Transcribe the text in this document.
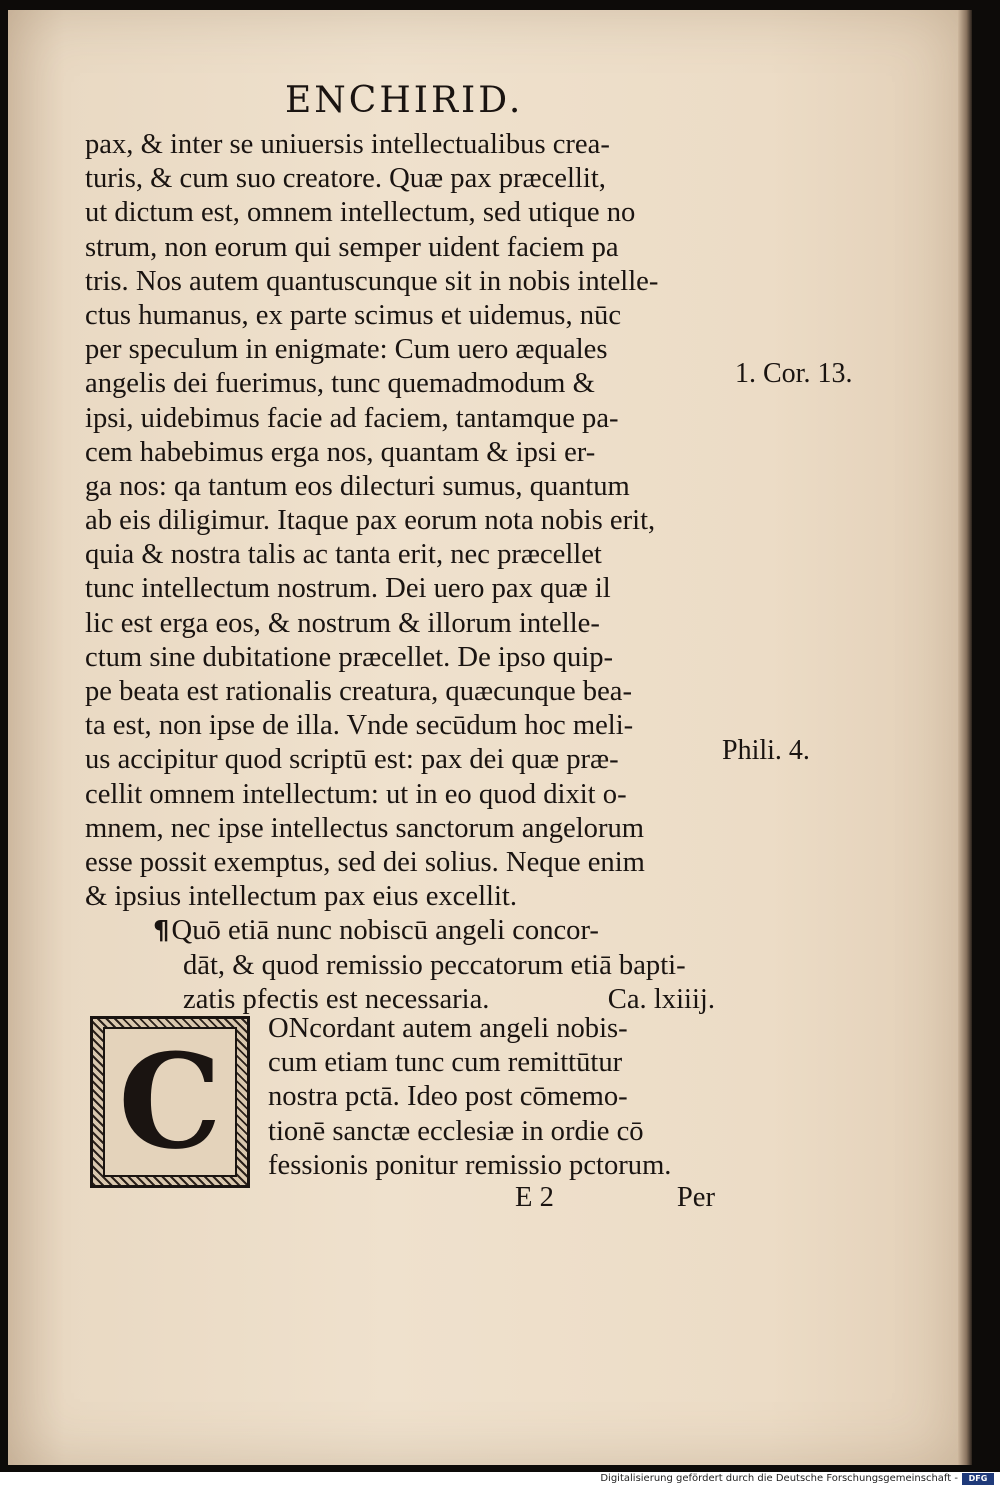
ENCHIRID.
pax, & inter se uniuersis intellectualibus crea-
turis, & cum suo creatore. Quæ pax præcellit,
ut dictum est, omnem intellectum, sed utique no
strum, non eorum qui semper uident faciem pa
tris. Nos autem quantuscunque sit in nobis intelle-
ctus humanus, ex parte scimus et uidemus, nūc
per speculum in enigmate: Cum uero æquales
angelis dei fuerimus, tunc quemadmodum &
ipsi, uidebimus facie ad faciem, tantamque pa-
cem habebimus erga nos, quantam & ipsi er-
ga nos: qa tantum eos dilecturi sumus, quantum
ab eis diligimur. Itaque pax eorum nota nobis erit,
quia & nostra talis ac tanta erit, nec præcellet
tunc intellectum nostrum. Dei uero pax quæ il
lic est erga eos, & nostrum & illorum intelle-
ctum sine dubitatione præcellet. De ipso quip-
pe beata est rationalis creatura, quæcunque bea-
ta est, non ipse de illa. Vnde secūdum hoc meli-
us accipitur quod scriptū est: pax dei quæ præ-
cellit omnem intellectum: ut in eo quod dixit o-
mnem, nec ipse intellectus sanctorum angelorum
esse possit exemptus, sed dei solius. Neque enim
& ipsius intellectum pax eius excellit.
¶Quō etiā nunc nobiscū angeli concor-
dāt, & quod remissio peccatorum etiā bapti-
zatis pfectis est necessaria.	Ca. lxiiij.
C	ONcordant autem angeli nobis-
cum etiam tunc cum remittūtur
nostra pctā. Ideo post cōmemo-
tionē sanctæ ecclesiæ in ordie cō
fessionis ponitur remissio pctorum.
E 2	Per
1. Cor. 13.
Phili. 4.
Digitalisierung gefördert durch die Deutsche Forschungsgemeinschaft -	DFG
